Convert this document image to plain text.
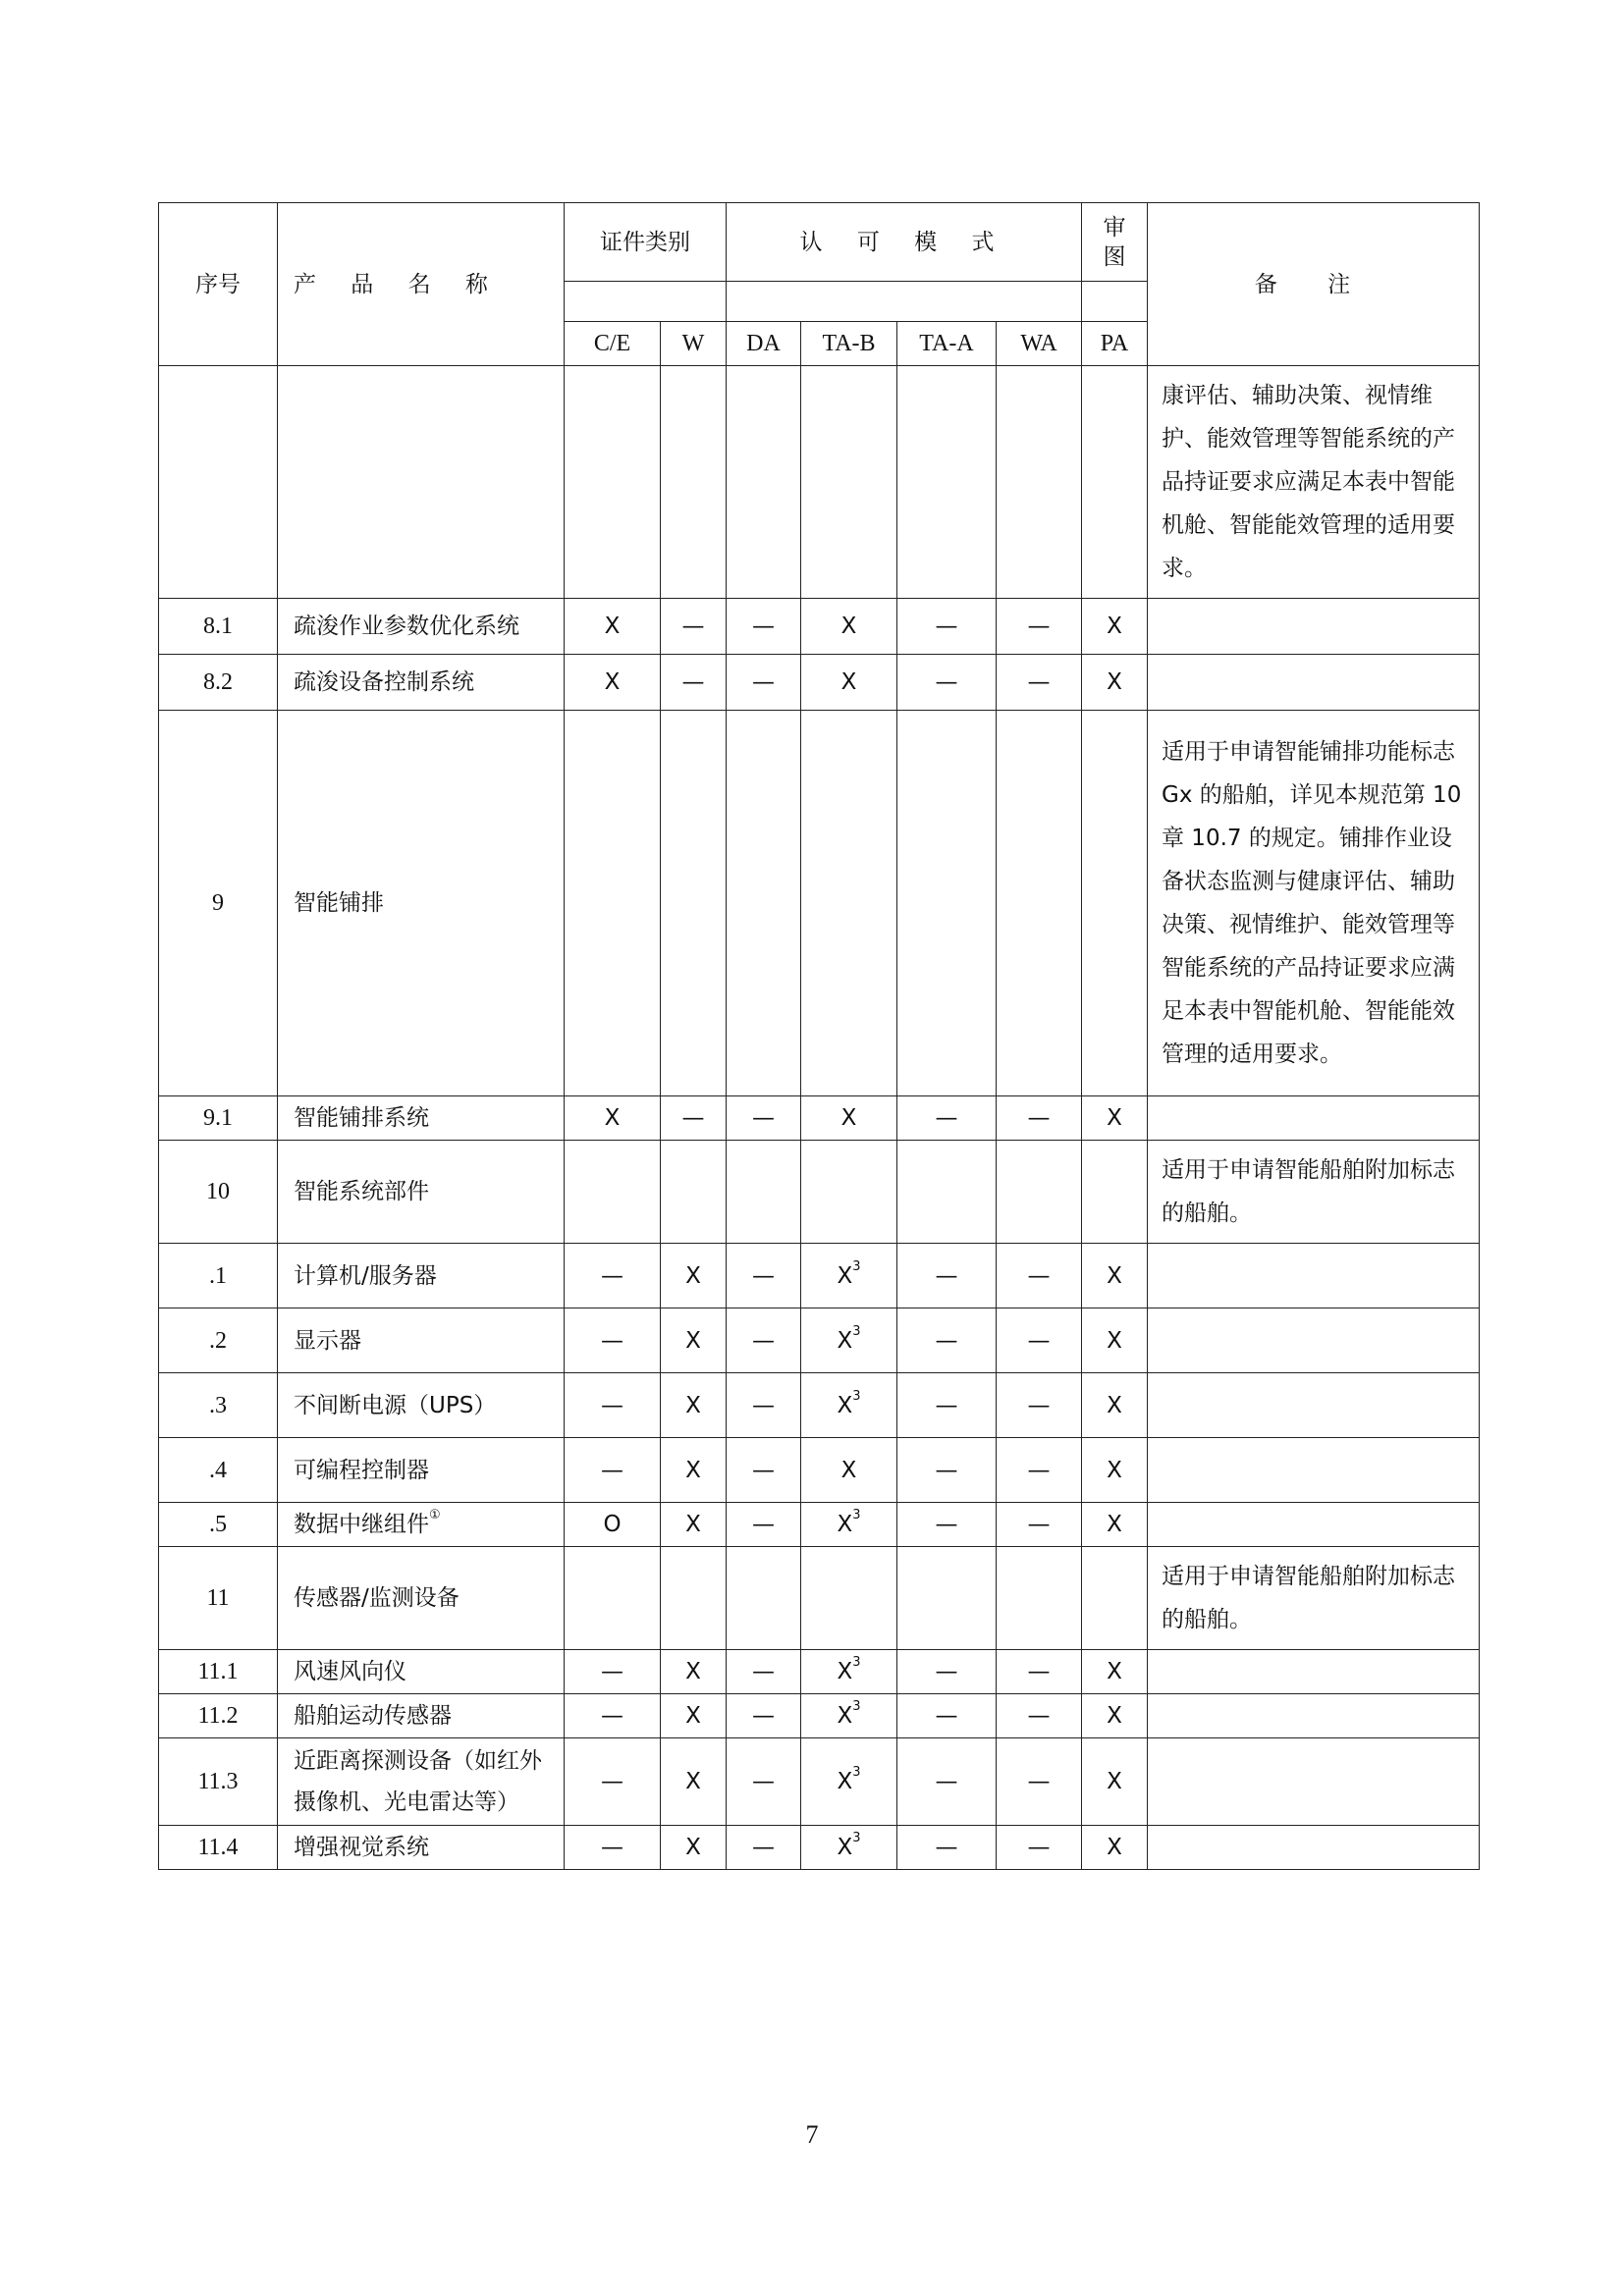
序号	产 品 名 称	证件类别		认 可 模 式				审图	备 注

		C/E	W	DA	TA-B	TA-A	WA	PA	
									康评估、辅助决策、视情维护、能效管理等智能系统的产品持证要求应满足本表中智能机舱、智能能效管理的适用要求。
8.1	疏浚作业参数优化系统	X	—	—	X	—	—	X	
8.2	疏浚设备控制系统	X	—	—	X	—	—	X	
9	智能铺排								适用于申请智能铺排功能标志 Gx 的船舶，详见本规范第 10 章 10.7 的规定。铺排作业设备状态监测与健康评估、辅助决策、视情维护、能效管理等智能系统的产品持证要求应满足本表中智能机舱、智能能效管理的适用要求。
9.1	智能铺排系统	X	—	—	X	—	—	X	
10	智能系统部件								适用于申请智能船舶附加标志的船舶。
.1	计算机/服务器	—	X	—	$X^3$	—	—	X	
.2	显示器	—	X	—	$X^3$	—	—	X	
.3	不间断电源（UPS）	—	X	—	$X^3$	—	—	X	
.4	可编程控制器	—	X	—	X	—	—	X	
.5	数据中继组件①	O	X	—	$X^3$	—	—	X	
11	传感器/监测设备								适用于申请智能船舶附加标志的船舶。
11.1	风速风向仪	—	X	—	$X^3$	—	—	X	
11.2	船舶运动传感器	—	X	—	$X^3$	—	—	X	
11.3	近距离探测设备（如红外摄像机、光电雷达等）	—	X	—	$X^3$	—	—	X	
11.4	增强视觉系统	—	X	—	$X^3$	—	—	X	
7
